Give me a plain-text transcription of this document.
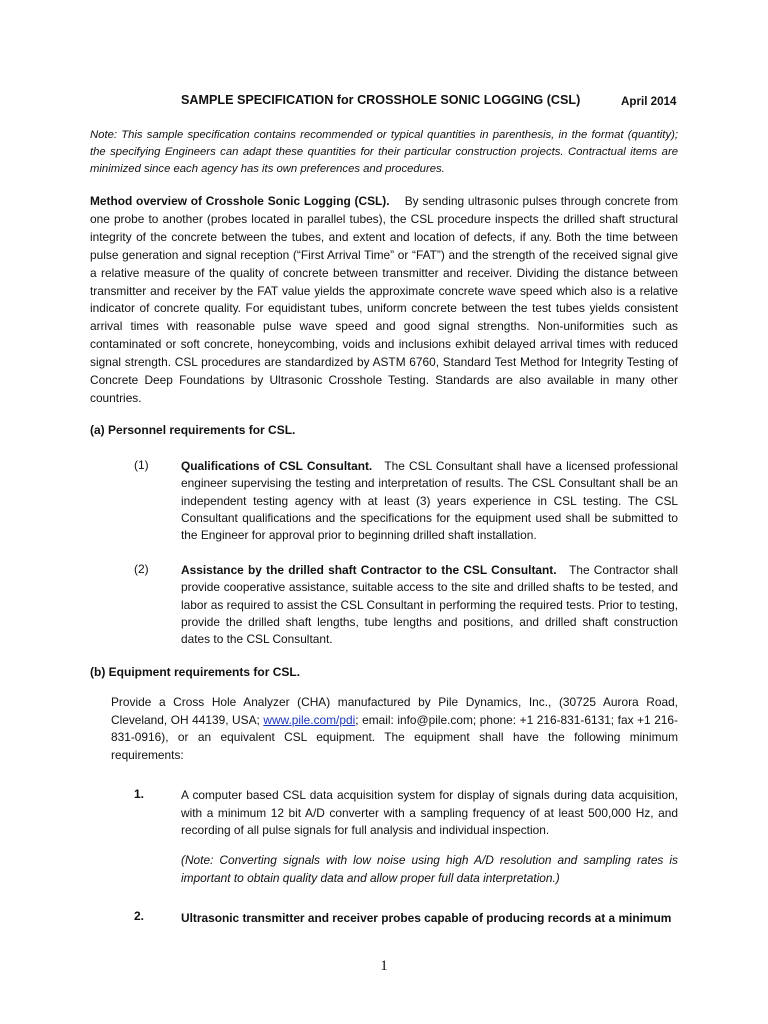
SAMPLE SPECIFICATION for CROSSHOLE SONIC LOGGING (CSL)	April 2014
Note: This sample specification contains recommended or typical quantities in parenthesis, in the format (quantity); the specifying Engineers can adapt these quantities for their particular construction projects. Contractual items are minimized since each agency has its own preferences and procedures.
Method overview of Crosshole Sonic Logging (CSL). By sending ultrasonic pulses through concrete from one probe to another (probes located in parallel tubes), the CSL procedure inspects the drilled shaft structural integrity of the concrete between the tubes, and extent and location of defects, if any. Both the time between pulse generation and signal reception (“First Arrival Time” or “FAT”) and the strength of the received signal give a relative measure of the quality of concrete between transmitter and receiver. Dividing the distance between transmitter and receiver by the FAT value yields the approximate concrete wave speed which also is a relative indicator of concrete quality. For equidistant tubes, uniform concrete between the test tubes yields consistent arrival times with reasonable pulse wave speed and good signal strengths. Non-uniformities such as contaminated or soft concrete, honeycombing, voids and inclusions exhibit delayed arrival times with reduced signal strength. CSL procedures are standardized by ASTM 6760, Standard Test Method for Integrity Testing of Concrete Deep Foundations by Ultrasonic Crosshole Testing. Standards are also available in many other countries.
(a) Personnel requirements for CSL.
(1)	Qualifications of CSL Consultant. The CSL Consultant shall have a licensed professional engineer supervising the testing and interpretation of results. The CSL Consultant shall be an independent testing agency with at least (3) years experience in CSL testing. The CSL Consultant qualifications and the specifications for the equipment used shall be submitted to the Engineer for approval prior to beginning drilled shaft installation.
(2)	Assistance by the drilled shaft Contractor to the CSL Consultant. The Contractor shall provide cooperative assistance, suitable access to the site and drilled shafts to be tested, and labor as required to assist the CSL Consultant in performing the required tests. Prior to testing, provide the drilled shaft lengths, tube lengths and positions, and drilled shaft construction dates to the CSL Consultant.
(b) Equipment requirements for CSL.
Provide a Cross Hole Analyzer (CHA) manufactured by Pile Dynamics, Inc., (30725 Aurora Road, Cleveland, OH 44139, USA; www.pile.com/pdi; email: info@pile.com; phone: +1 216-831-6131; fax +1 216-831-0916), or an equivalent CSL equipment. The equipment shall have the following minimum requirements:
1.	A computer based CSL data acquisition system for display of signals during data acquisition, with a minimum 12 bit A/D converter with a sampling frequency of at least 500,000 Hz, and recording of all pulse signals for full analysis and individual inspection.
(Note: Converting signals with low noise using high A/D resolution and sampling rates is important to obtain quality data and allow proper full data interpretation.)
2.	Ultrasonic transmitter and receiver probes capable of producing records at a minimum
1
